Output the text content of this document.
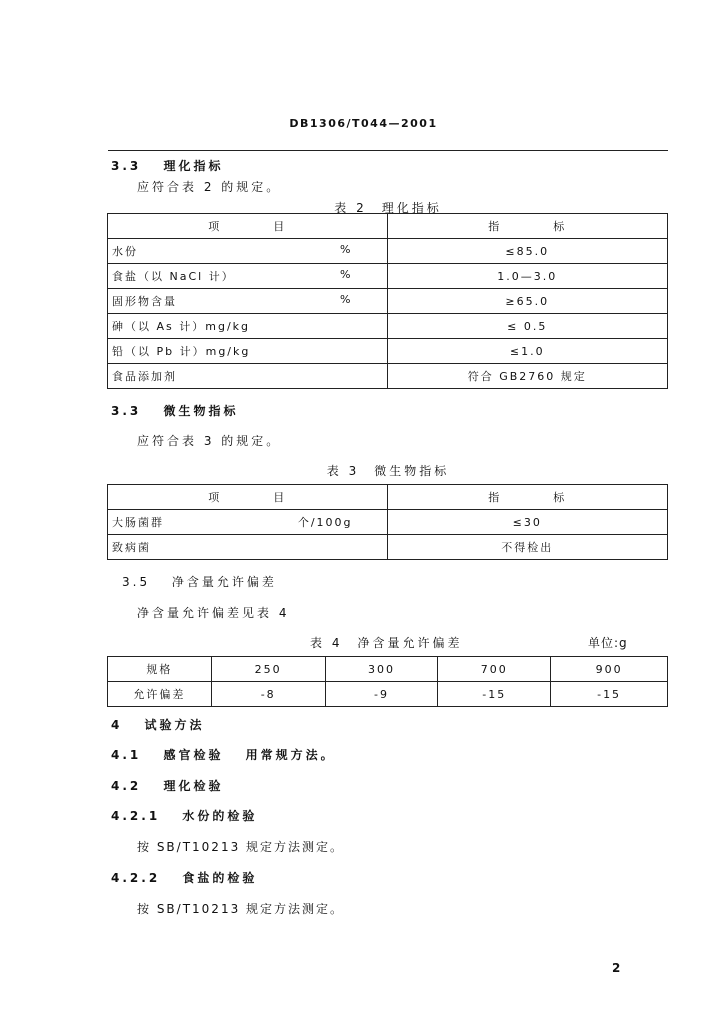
DB1306/T044—2001
3.3　 理化指标
应符合表 2 的规定。
表 2　理化指标
项　　　　目	指　　　　标
水份 %	≤85.0
食盐（以 NaCl 计） %	1.0—3.0
固形物含量 %	≥65.0
砷（以 As 计）mg/kg	≤ 0.5
铅（以 Pb 计）mg/kg	≤1.0
食品添加剂	符合 GB2760 规定
3.3　 微生物指标
应符合表 3 的规定。
表 3　微生物指标
项　　　　目	指　　　　标
大肠菌群 个/100g	≤30
致病菌	不得检出
3.5　 净含量允许偏差
净含量允许偏差见表 4
表 4　净含量允许偏差	单位:g
规格	250	300	700	900
允许偏差	-8	-9	-15	-15
4　 试验方法
4.1　 感官检验　 用常规方法。
4.2　 理化检验
4.2.1　 水份的检验
按 SB/T10213 规定方法测定。
4.2.2　 食盐的检验
按 SB/T10213 规定方法测定。
2
